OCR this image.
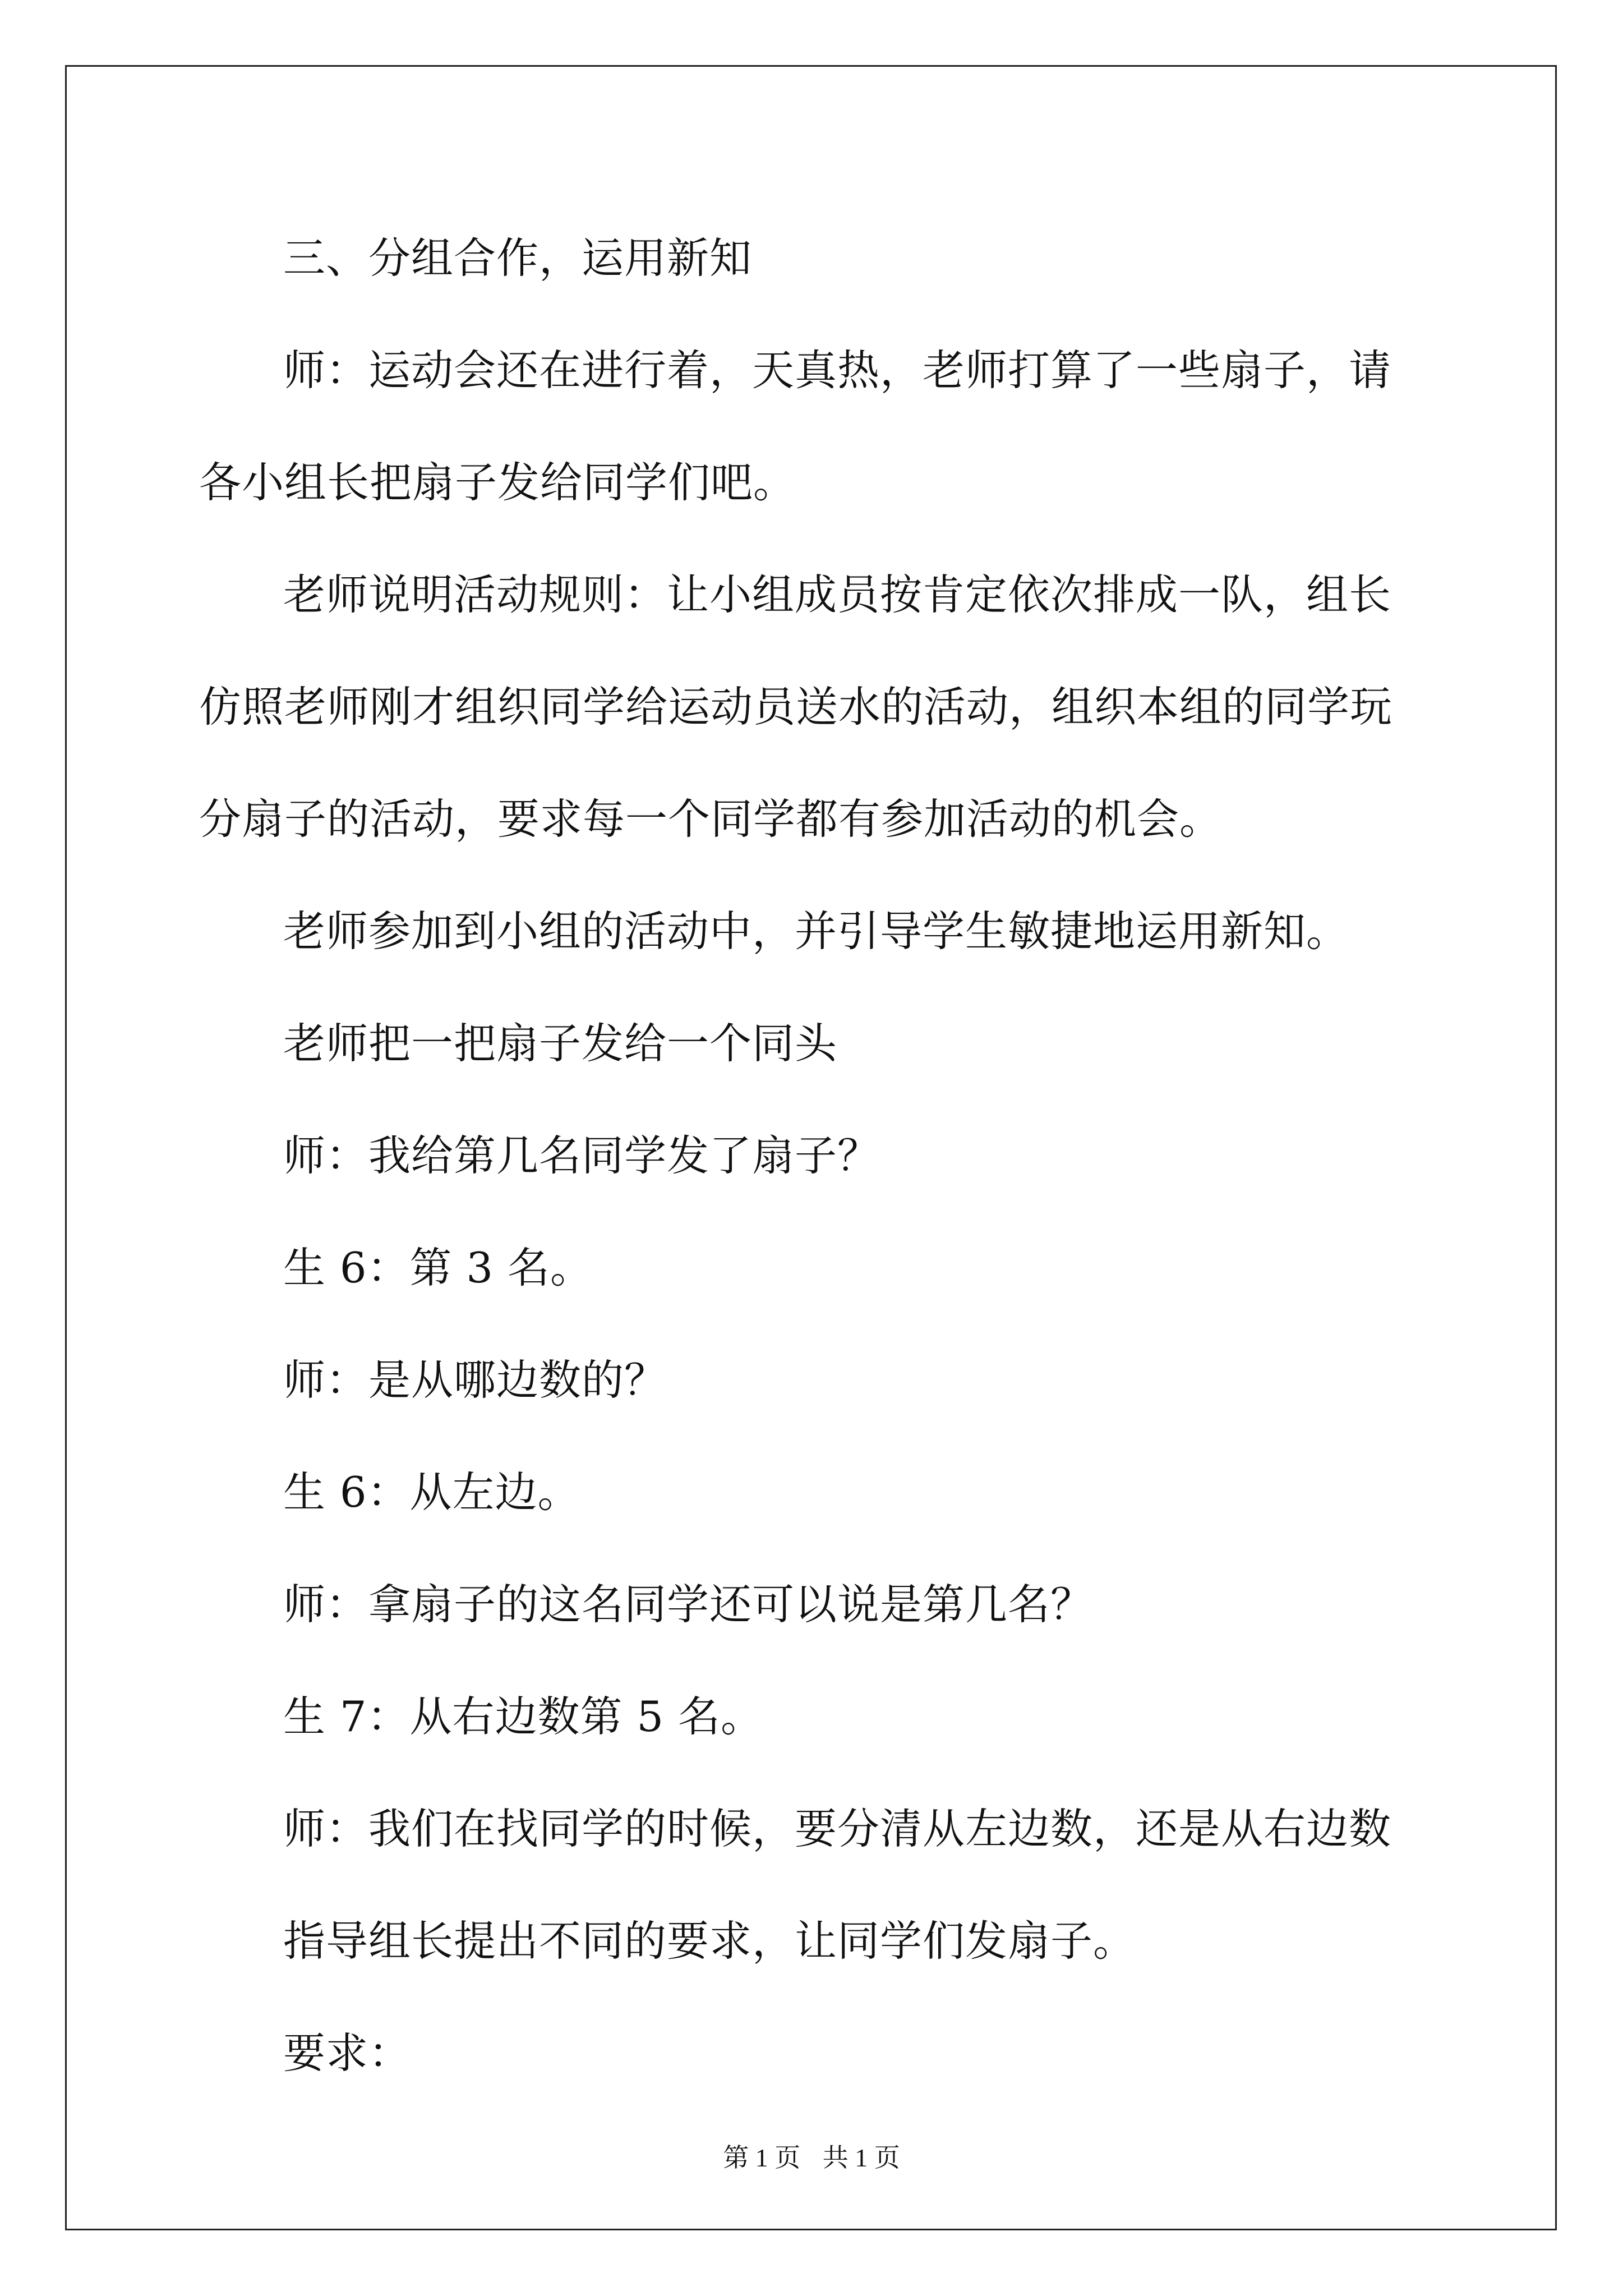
三、分组合作，运用新知

师：运动会还在进行着，天真热，老师打算了一些扇子，请各小组长把扇子发给同学们吧。

老师说明活动规则：让小组成员按肯定依次排成一队，组长仿照老师刚才组织同学给运动员送水的活动，组织本组的同学玩分扇子的活动，要求每一个同学都有参加活动的机会。

老师参加到小组的活动中，并引导学生敏捷地运用新知。

老师把一把扇子发给一个同头

师：我给第几名同学发了扇子？

生 6：第 3 名。

师：是从哪边数的？

生 6：从左边。

师：拿扇子的这名同学还可以说是第几名？

生 7：从右边数第 5 名。

师：我们在找同学的时候，要分清从左边数，还是从右边数

指导组长提出不同的要求，让同学们发扇子。

要求：

第 1 页 共 1 页
